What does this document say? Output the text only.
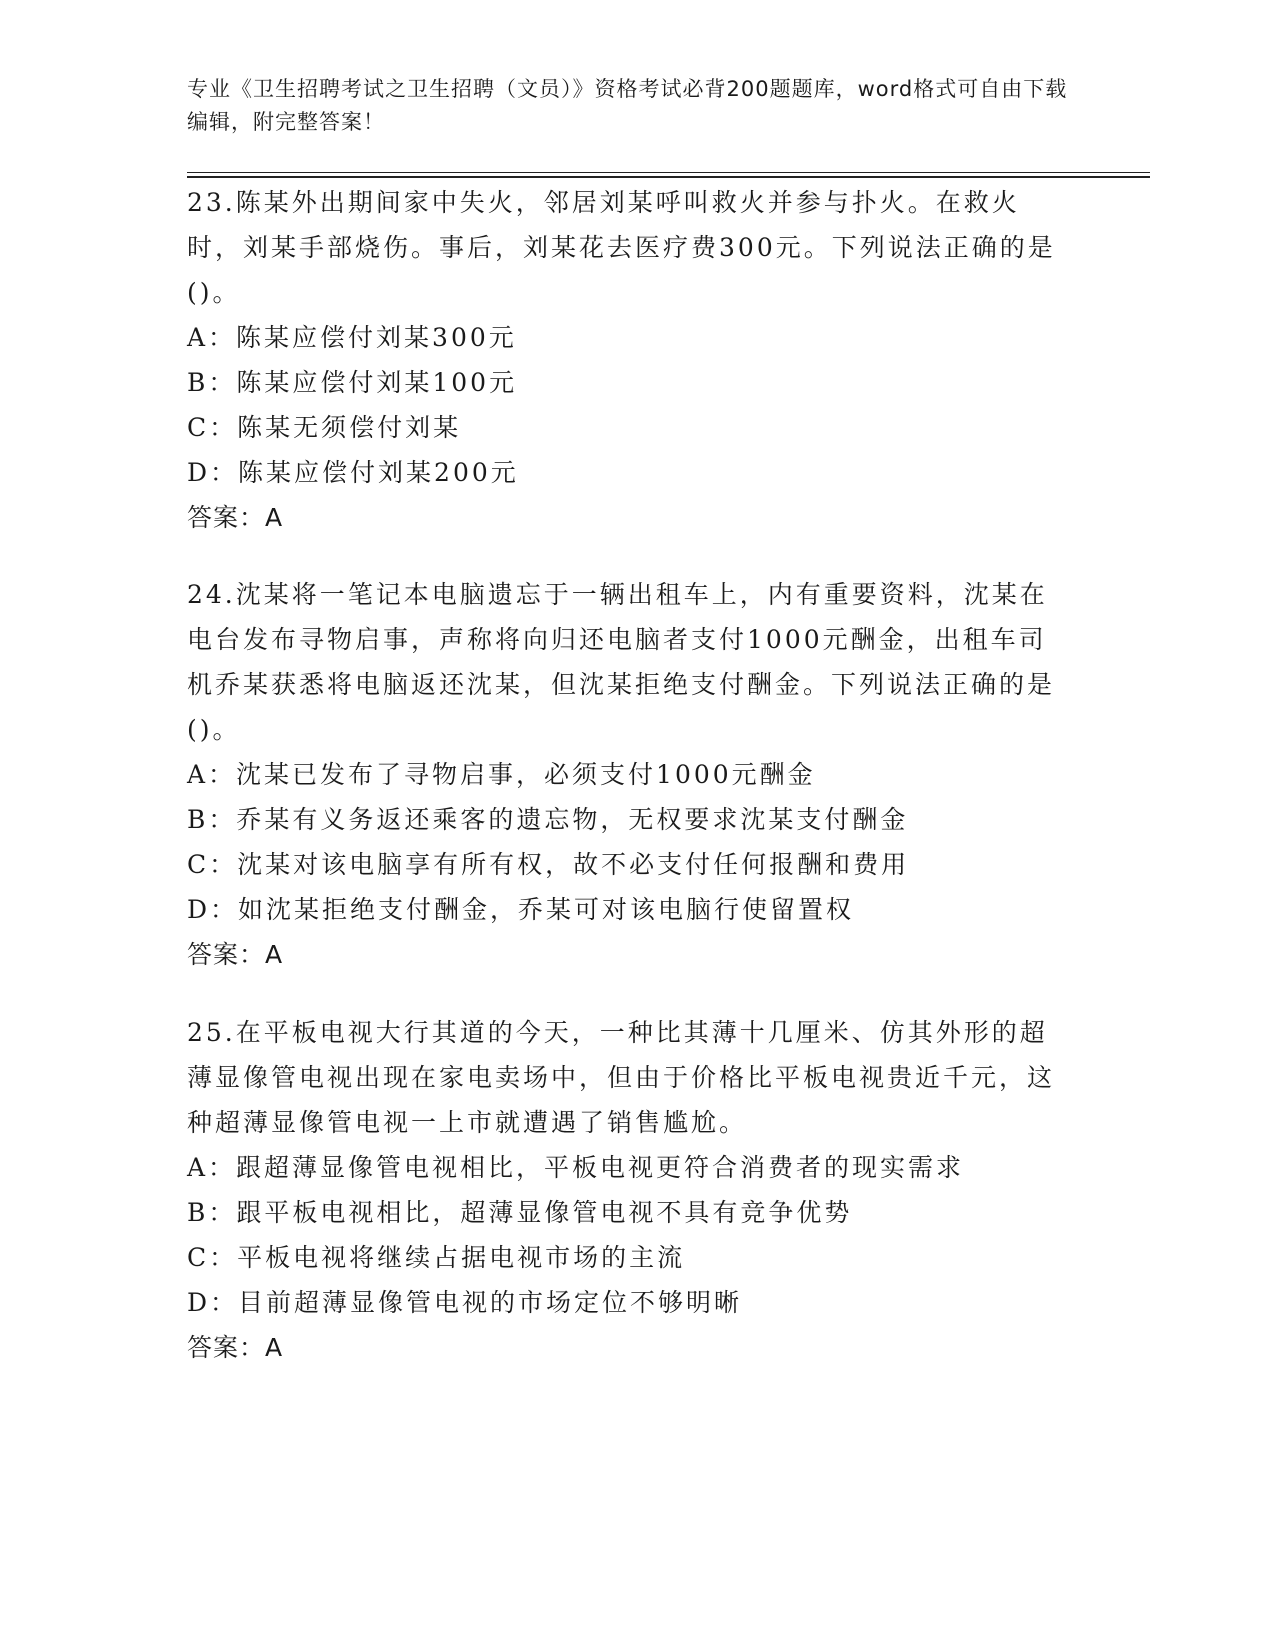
专业《卫生招聘考试之卫生招聘（文员）》资格考试必背200题题库，word格式可自由下载编辑，附完整答案！

23.陈某外出期间家中失火，邻居刘某呼叫救火并参与扑火。在救火时，刘某手部烧伤。事后，刘某花去医疗费300元。下列说法正确的是()。

A：陈某应偿付刘某300元

B：陈某应偿付刘某100元

C：陈某无须偿付刘某

D：陈某应偿付刘某200元

答案：A

24.沈某将一笔记本电脑遗忘于一辆出租车上，内有重要资料，沈某在电台发布寻物启事，声称将向归还电脑者支付1000元酬金，出租车司机乔某获悉将电脑返还沈某，但沈某拒绝支付酬金。下列说法正确的是()。

A：沈某已发布了寻物启事，必须支付1000元酬金

B：乔某有义务返还乘客的遗忘物，无权要求沈某支付酬金

C：沈某对该电脑享有所有权，故不必支付任何报酬和费用

D：如沈某拒绝支付酬金，乔某可对该电脑行使留置权

答案：A

25.在平板电视大行其道的今天，一种比其薄十几厘米、仿其外形的超薄显像管电视出现在家电卖场中，但由于价格比平板电视贵近千元，这种超薄显像管电视一上市就遭遇了销售尴尬。

A：跟超薄显像管电视相比，平板电视更符合消费者的现实需求

B：跟平板电视相比，超薄显像管电视不具有竞争优势

C：平板电视将继续占据电视市场的主流

D：目前超薄显像管电视的市场定位不够明晰

答案：A
